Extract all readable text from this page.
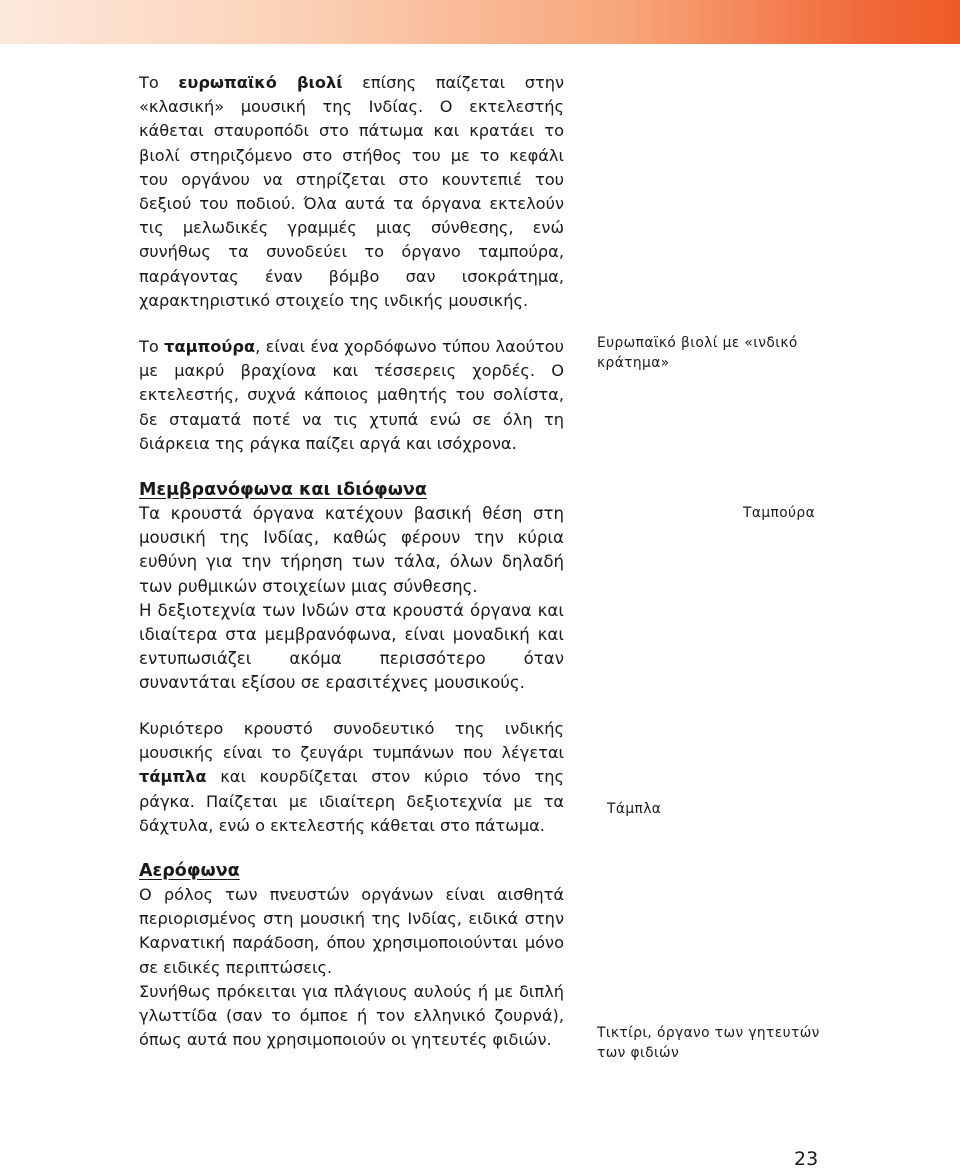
Το ευρωπαϊκό βιολί επίσης παίζεται στην «κλασική» μουσική της Ινδίας. Ο εκτελεστής κάθεται σταυροπόδι στο πάτωμα και κρατάει το βιολί στηριζόμενο στο στήθος του με το κεφάλι του οργάνου να στηρίζεται στο κουντεπιέ του δεξιού του ποδιού. Όλα αυτά τα όργανα εκτελούν τις μελωδικές γραμμές μιας σύνθεσης, ενώ συνήθως τα συνοδεύει το όργανο ταμπούρα, παράγοντας έναν βόμβο σαν ισοκράτημα, χαρακτηριστικό στοιχείο της ινδικής μουσικής.

Το ταμπούρα, είναι ένα χορδόφωνο τύπου λαούτου με μακρύ βραχίονα και τέσσερεις χορδές. Ο εκτελεστής, συχνά κάποιος μαθητής του σολίστα, δε σταματά ποτέ να τις χτυπά ενώ σε όλη τη διάρκεια της ράγκα παίζει αργά και ισόχρονα.

Μεμβρανόφωνα και ιδιόφωνα

Τα κρουστά όργανα κατέχουν βασική θέση στη μουσική της Ινδίας, καθώς φέρουν την κύρια ευθύνη για την τήρηση των τάλα, όλων δηλαδή των ρυθμικών στοιχείων μιας σύνθεσης.

Η δεξιοτεχνία των Ινδών στα κρουστά όργανα και ιδιαίτερα στα μεμβρανόφωνα, είναι μοναδική και εντυπωσιάζει ακόμα περισσότερο όταν συναντάται εξίσου σε ερασιτέχνες μουσικούς.

Κυριότερο κρουστό συνοδευτικό της ινδικής μουσικής είναι το ζευγάρι τυμπάνων που λέγεται τάμπλα και κουρδίζεται στον κύριο τόνο της ράγκα. Παίζεται με ιδιαίτερη δεξιοτεχνία με τα δάχτυλα, ενώ ο εκτελεστής κάθεται στο πάτωμα.

Αερόφωνα

Ο ρόλος των πνευστών οργάνων είναι αισθητά περιορισμένος στη μουσική της Ινδίας, ειδικά στην Καρνατική παράδοση, όπου χρησιμοποιούνται μόνο σε ειδικές περιπτώσεις.

Συνήθως πρόκειται για πλάγιους αυλούς ή με διπλή γλωττίδα (σαν το όμποε ή τον ελληνικό ζουρνά), όπως αυτά που χρησιμοποιούν οι γητευτές φιδιών.

Ευρωπαϊκό βιολί με «ινδικό κράτημα»
Ταμπούρα
Τάμπλα
Τικτίρι, όργανο των γητευτών των φιδιών
23
